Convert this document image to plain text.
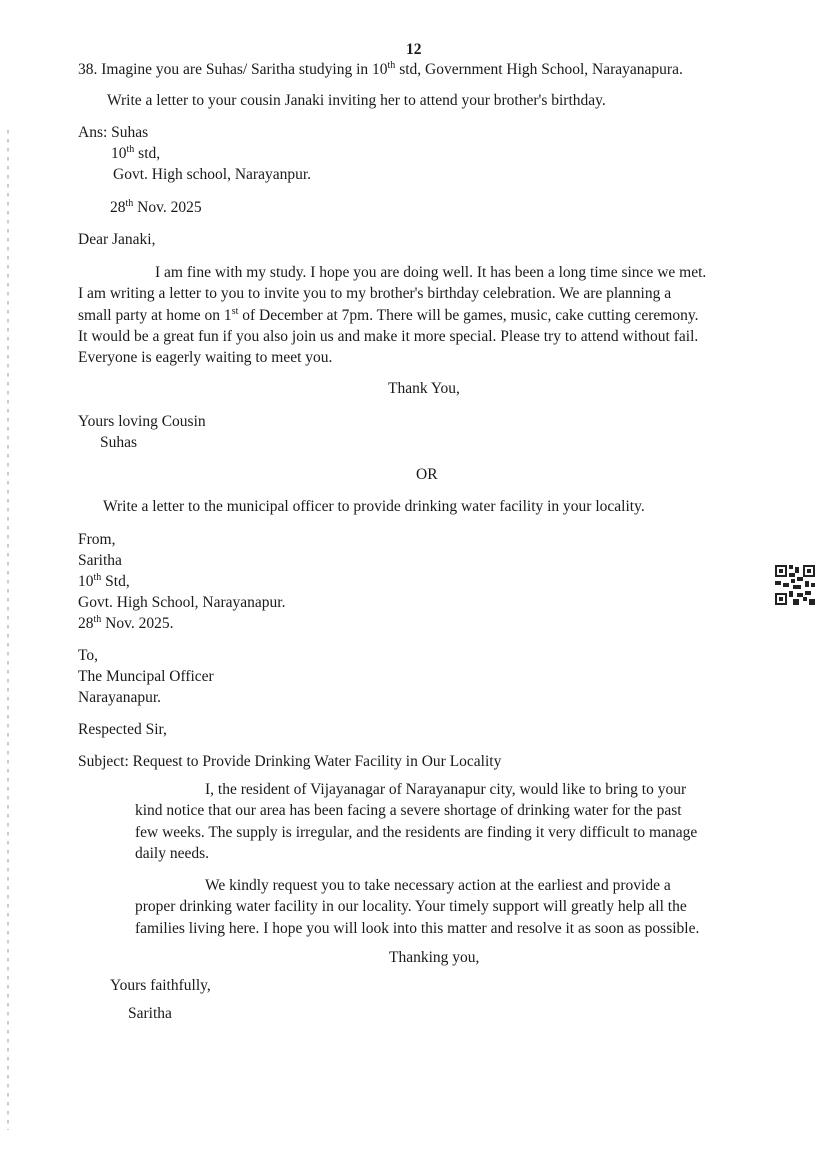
12
38. Imagine you are Suhas/ Saritha studying in 10th std, Government High School, Narayanapura.
Write a letter to your cousin Janaki inviting her to attend your brother's birthday.
Ans: Suhas
10th std,
Govt. High school, Narayanpur.
28th Nov. 2025
Dear Janaki,

I am fine with my study. I hope you are doing well. It has been a long time since we met.

I am writing a letter to you to invite you to my brother's birthday celebration. We are planning a

small party at home on 1st of December at 7pm. There will be games, music, cake cutting ceremony.

It would be a great fun if you also join us and make it more special. Please try to attend without fail.

Everyone is eagerly waiting to meet you.

Thank You,
Yours loving Cousin
Suhas
OR
Write a letter to the municipal officer to provide drinking water facility in your locality.
From,
Saritha
10th Std,
Govt. High School, Narayanapur.
28th Nov. 2025.
To,
The Muncipal Officer
Narayanapur.
Respected Sir,
Subject: Request to Provide Drinking Water Facility in Our Locality

I, the resident of Vijayanagar of Narayanapur city, would like to bring to your

kind notice that our area has been facing a severe shortage of drinking water for the past

few weeks. The supply is irregular, and the residents are finding it very difficult to manage

daily needs.

We kindly request you to take necessary action at the earliest and provide a

proper drinking water facility in our locality. Your timely support will greatly help all the

families living here. I hope you will look into this matter and resolve it as soon as possible.

Thanking you,
Yours faithfully,
Saritha
